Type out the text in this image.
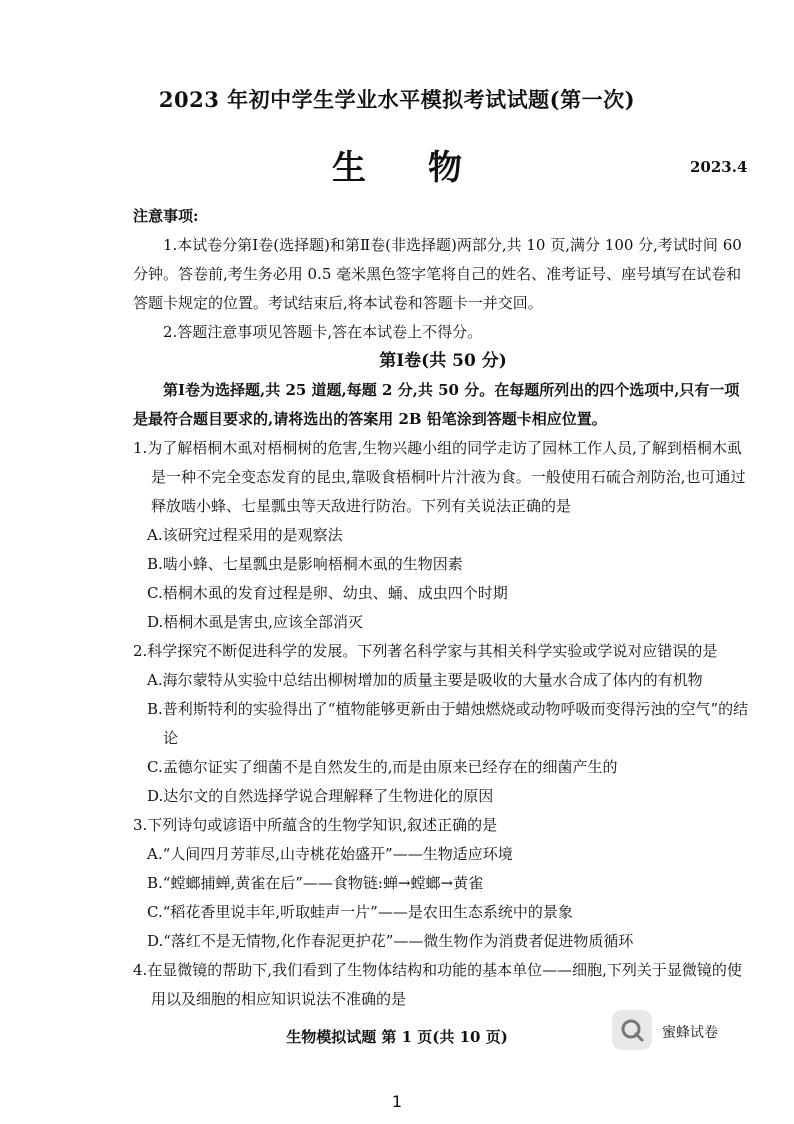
2023 年初中学生学业水平模拟考试试题(第一次)
生物	2023.4

注意事项:

1.本试卷分第Ⅰ卷(选择题)和第Ⅱ卷(非选择题)两部分,共 10 页,满分 100 分,考试时间 60 分钟。答卷前,考生务必用 0.5 毫米黑色签字笔将自己的姓名、准考证号、座号填写在试卷和答题卡规定的位置。考试结束后,将本试卷和答题卡一并交回。

2.答题注意事项见答题卡,答在本试卷上不得分。

第Ⅰ卷(共 50 分)

第Ⅰ卷为选择题,共 25 道题,每题 2 分,共 50 分。在每题所列出的四个选项中,只有一项是最符合题目要求的,请将选出的答案用 2B 铅笔涂到答题卡相应位置。

1.为了解梧桐木虱对梧桐树的危害,生物兴趣小组的同学走访了园林工作人员,了解到梧桐木虱是一种不完全变态发育的昆虫,靠吸食梧桐叶片汁液为食。一般使用石硫合剂防治,也可通过释放啮小蜂、七星瓢虫等天敌进行防治。下列有关说法正确的是

A.该研究过程采用的是观察法

B.啮小蜂、七星瓢虫是影响梧桐木虱的生物因素

C.梧桐木虱的发育过程是卵、幼虫、蛹、成虫四个时期

D.梧桐木虱是害虫,应该全部消灭

2.科学探究不断促进科学的发展。下列著名科学家与其相关科学实验或学说对应错误的是

A.海尔蒙特从实验中总结出柳树增加的质量主要是吸收的大量水合成了体内的有机物

B.普利斯特利的实验得出了“植物能够更新由于蜡烛燃烧或动物呼吸而变得污浊的空气”的结论

C.孟德尔证实了细菌不是自然发生的,而是由原来已经存在的细菌产生的

D.达尔文的自然选择学说合理解释了生物进化的原因

3.下列诗句或谚语中所蕴含的生物学知识,叙述正确的是

A.“人间四月芳菲尽,山寺桃花始盛开”——生物适应环境

B.“螳螂捕蝉,黄雀在后”——食物链:蝉→螳螂→黄雀

C.“稻花香里说丰年,听取蛙声一片”——是农田生态系统中的景象

D.“落红不是无情物,化作春泥更护花”——微生物作为消费者促进物质循环

4.在显微镜的帮助下,我们看到了生物体结构和功能的基本单位——细胞,下列关于显微镜的使用以及细胞的相应知识说法不准确的是

生物模拟试题 第 1 页(共 10 页)	蜜蜂试卷
1
